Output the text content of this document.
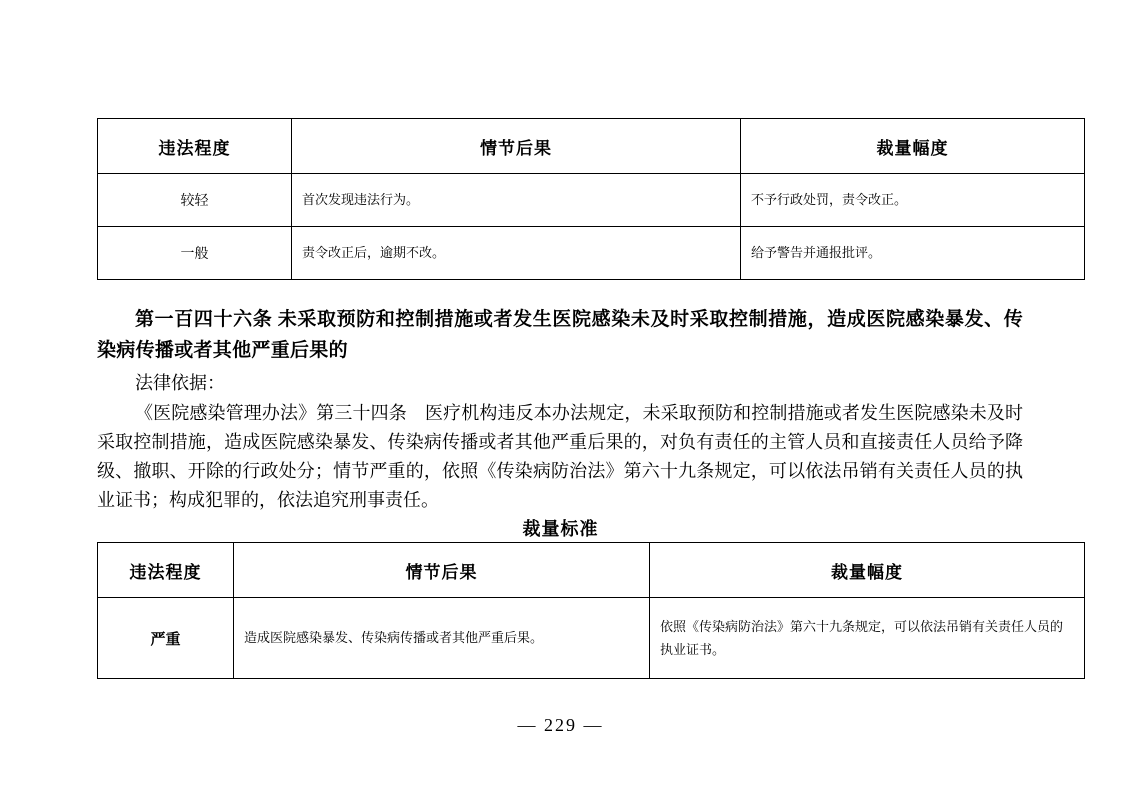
违法程度	情节后果	裁量幅度
较轻	首次发现违法行为。	不予行政处罚，责令改正。
一般	责令改正后，逾期不改。	给予警告并通报批评。
第一百四十六条 未采取预防和控制措施或者发生医院感染未及时采取控制措施，造成医院感染暴发、传染病传播或者其他严重后果的
法律依据：
《医院感染管理办法》第三十四条　医疗机构违反本办法规定，未采取预防和控制措施或者发生医院感染未及时采取控制措施，造成医院感染暴发、传染病传播或者其他严重后果的，对负有责任的主管人员和直接责任人员给予降级、撤职、开除的行政处分；情节严重的，依照《传染病防治法》第六十九条规定，可以依法吊销有关责任人员的执业证书；构成犯罪的，依法追究刑事责任。
裁量标准
违法程度	情节后果	裁量幅度
严重	造成医院感染暴发、传染病传播或者其他严重后果。	依照《传染病防治法》第六十九条规定，可以依法吊销有关责任人员的执业证书。
— 229 —
